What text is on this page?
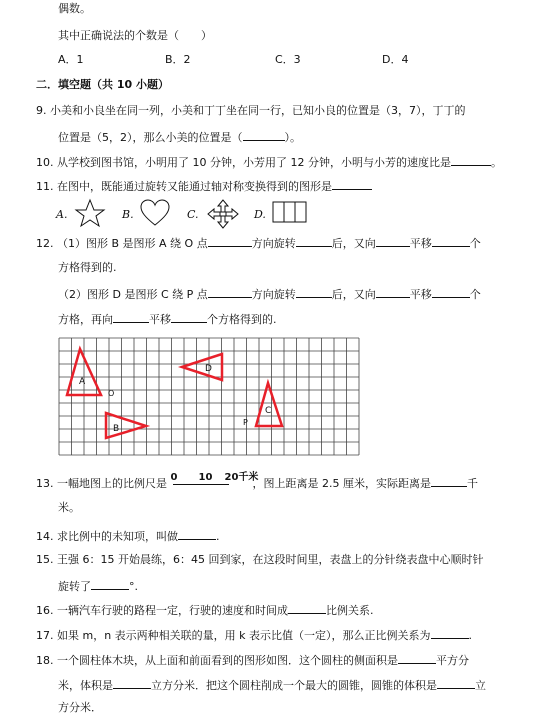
偶数。
其中正确说法的个数是（　　）
A．1	B．2	C．3	D．4
二．填空题（共 10 小题）
9. 小美和小良坐在同一列，小美和丁丁坐在同一行，已知小良的位置是（3，7），丁丁的
位置是（5，2），那么小美的位置是（	）。
10. 从学校到图书馆，小明用了 10 分钟，小芳用了 12 分钟，小明与小芳的速度比是	。
11. 在图中，既能通过旋转又能通过轴对称变换得到的图形是
A.	B.	C.	D.
12. （1）图形 B 是图形 A 绕 O 点	方向旋转	后，又向	平移	个
方格得到的.
（2）图形 D 是图形 C 绕 P 点	方向旋转	后，又向	平移	个
方格，再向	平移	个方格得到的.
A
O
D
B
C
P
13. 一幅地图上的比例尺是 0 10 20千米
，图上距离是 2.5 厘米，实际距离是	千
米。
14. 求比例中的未知项，叫做	.
15. 王强 6：15 开始晨练，6：45 回到家，在这段时间里，表盘上的分针绕表盘中心顺时针
旋转了	°.
16. 一辆汽车行驶的路程一定，行驶的速度和时间成	比例关系.
17. 如果 m，n 表示两种相关联的量，用 k 表示比值（一定），那么正比例关系为	.
18. 一个圆柱体木块，从上面和前面看到的图形如图．这个圆柱的侧面积是	平方分
米，体积是	立方分米．把这个圆柱削成一个最大的圆锥，圆锥的体积是	立
方分米．
